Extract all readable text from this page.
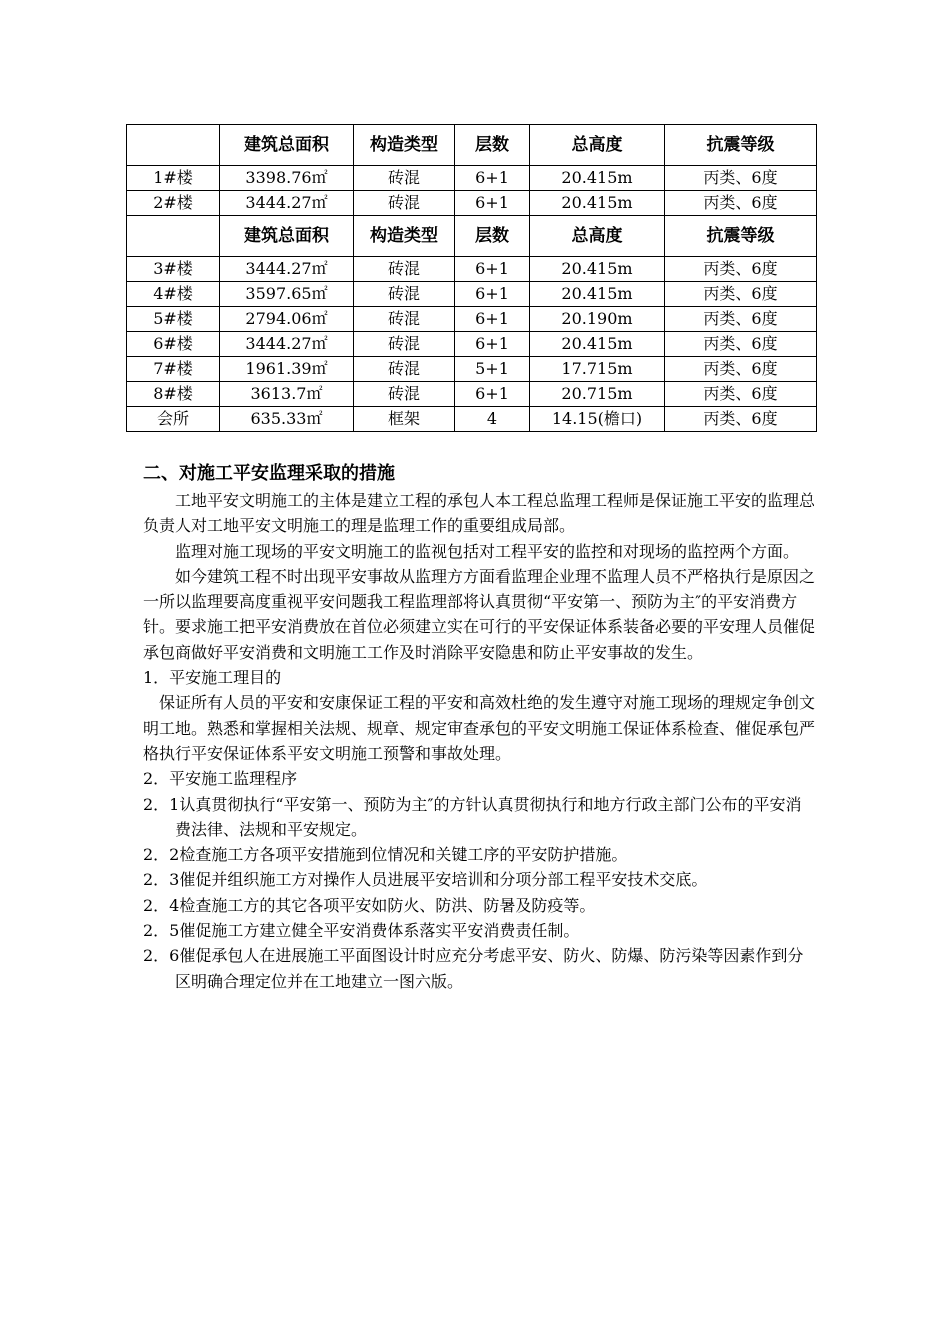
	建筑总面积	构造类型	层数	总高度	抗震等级
1#楼	3398.76㎡	砖混	6+1	20.415m	丙类、6度
2#楼	3444.27㎡	砖混	6+1	20.415m	丙类、6度
	建筑总面积	构造类型	层数	总高度	抗震等级
3#楼	3444.27㎡	砖混	6+1	20.415m	丙类、6度
4#楼	3597.65㎡	砖混	6+1	20.415m	丙类、6度
5#楼	2794.06㎡	砖混	6+1	20.190m	丙类、6度
6#楼	3444.27㎡	砖混	6+1	20.415m	丙类、6度
7#楼	1961.39㎡	砖混	5+1	17.715m	丙类、6度
8#楼	3613.7㎡	砖混	6+1	20.715m	丙类、6度
会所	635.33㎡	框架	4	14.15(檐口)	丙类、6度
二、对施工平安监理采取的措施

工地平安文明施工的主体是建立工程的承包人本工程总监理工程师是保证施工平安的监理总负责人对工地平安文明施工的理是监理工作的重要组成局部。

监理对施工现场的平安文明施工的监视包括对工程平安的监控和对现场的监控两个方面。

如今建筑工程不时出现平安事故从监理方方面看监理企业理不监理人员不严格执行是原因之一所以监理要高度重视平安问题我工程监理部将认真贯彻“平安第一、预防为主″的平安消费方针。要求施工把平安消费放在首位必须建立实在可行的平安保证体系装备必要的平安理人员催促承包商做好平安消费和文明施工工作及时消除平安隐患和防止平安事故的发生。

1．平安施工理目的

保证所有人员的平安和安康保证工程的平安和高效杜绝的发生遵守对施工现场的理规定争创文明工地。熟悉和掌握相关法规、规章、规定审查承包的平安文明施工保证体系检查、催促承包严格执行平安保证体系平安文明施工预警和事故处理。

2．平安施工监理程序

2．1认真贯彻执行“平安第一、预防为主″的方针认真贯彻执行和地方行政主部门公布的平安消费法律、法规和平安规定。

2．2检查施工方各项平安措施到位情况和关键工序的平安防护措施。

2．3催促并组织施工方对操作人员进展平安培训和分项分部工程平安技术交底。

2．4检查施工方的其它各项平安如防火、防洪、防暑及防疫等。

2．5催促施工方建立健全平安消费体系落实平安消费责任制。

2．6催促承包人在进展施工平面图设计时应充分考虑平安、防火、防爆、防污染等因素作到分区明确合理定位并在工地建立一图六版。
